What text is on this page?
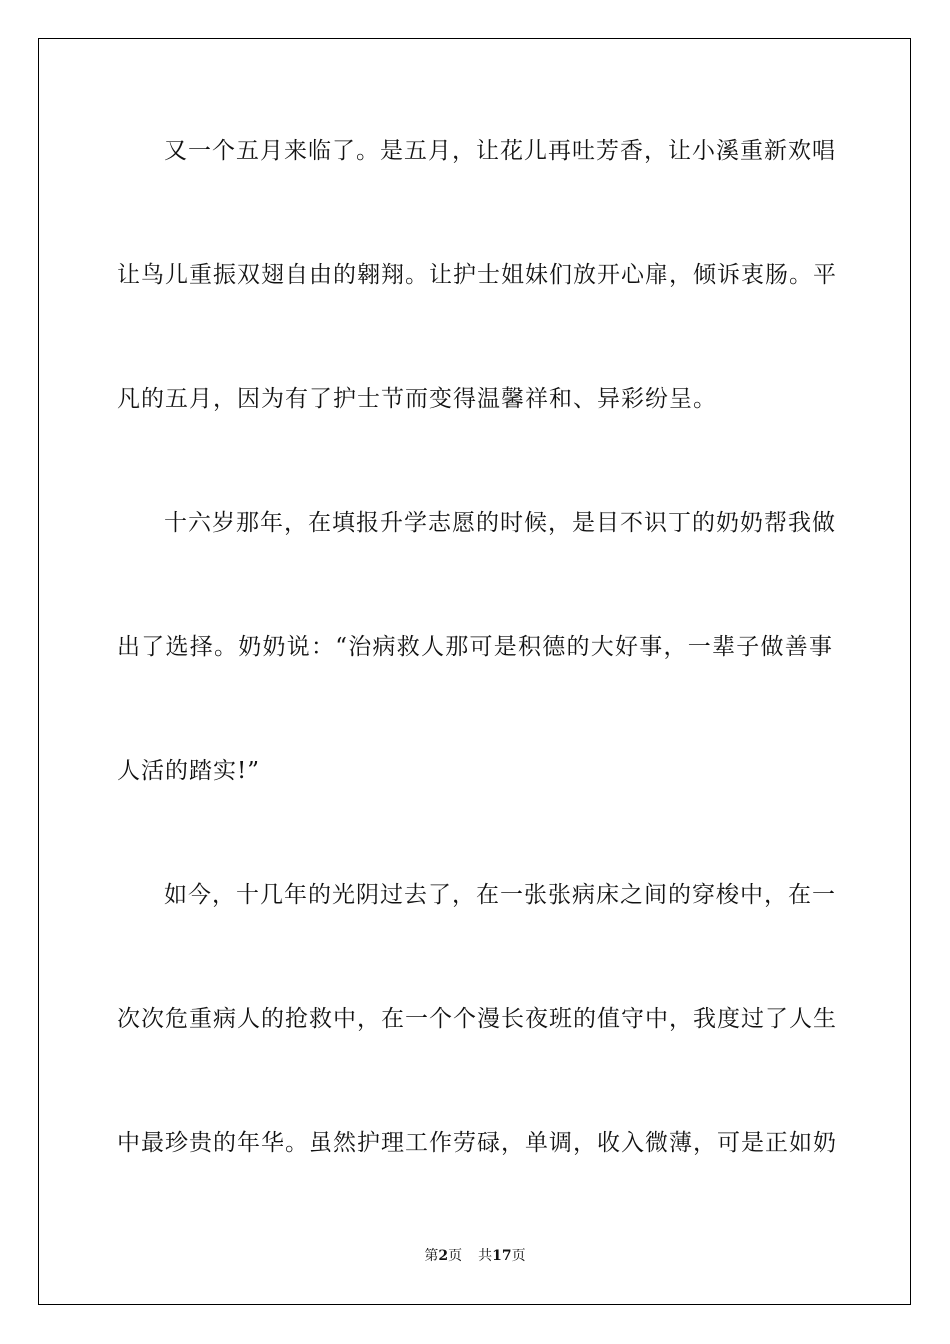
又一个五月来临了。是五月，让花儿再吐芳香，让小溪重新欢唱
让鸟儿重振双翅自由的翱翔。让护士姐妹们放开心扉，倾诉衷肠。平
凡的五月，因为有了护士节而变得温馨祥和、异彩纷呈。
十六岁那年，在填报升学志愿的时候，是目不识丁的奶奶帮我做
出了选择。奶奶说：“治病救人那可是积德的大好事，一辈子做善事
人活的踏实!”
如今，十几年的光阴过去了，在一张张病床之间的穿梭中，在一
次次危重病人的抢救中，在一个个漫长夜班的值守中，我度过了人生
中最珍贵的年华。虽然护理工作劳碌，单调，收入微薄，可是正如奶
第2页 共17页
